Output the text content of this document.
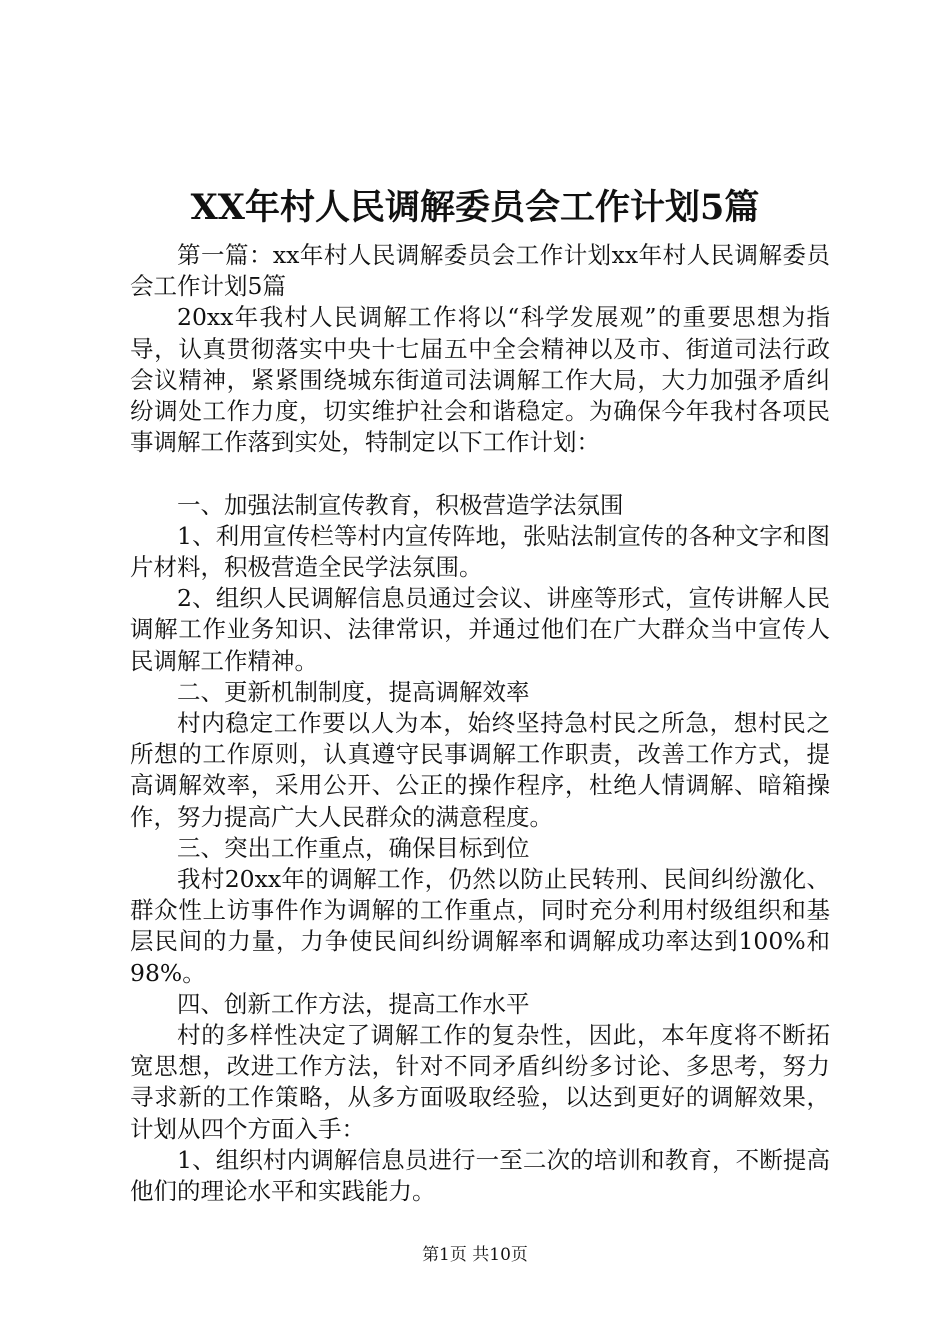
XX年村人民调解委员会工作计划5篇

第一篇：xx年村人民调解委员会工作计划xx年村人民调解委员会工作计划5篇

20xx年我村人民调解工作将以“科学发展观”的重要思想为指导，认真贯彻落实中央十七届五中全会精神以及市、街道司法行政会议精神，紧紧围绕城东街道司法调解工作大局，大力加强矛盾纠纷调处工作力度，切实维护社会和谐稳定。为确保今年我村各项民事调解工作落到实处，特制定以下工作计划：

一、加强法制宣传教育，积极营造学法氛围

1、利用宣传栏等村内宣传阵地，张贴法制宣传的各种文字和图片材料，积极营造全民学法氛围。

2、组织人民调解信息员通过会议、讲座等形式，宣传讲解人民调解工作业务知识、法律常识，并通过他们在广大群众当中宣传人民调解工作精神。

二、更新机制制度，提高调解效率

村内稳定工作要以人为本，始终坚持急村民之所急，想村民之所想的工作原则，认真遵守民事调解工作职责，改善工作方式，提高调解效率，采用公开、公正的操作程序，杜绝人情调解、暗箱操作，努力提高广大人民群众的满意程度。

三、突出工作重点，确保目标到位

我村20xx年的调解工作，仍然以防止民转刑、民间纠纷激化、群众性上访事件作为调解的工作重点，同时充分利用村级组织和基层民间的力量，力争使民间纠纷调解率和调解成功率达到100%和98%。

四、创新工作方法，提高工作水平

村的多样性决定了调解工作的复杂性，因此，本年度将不断拓宽思想，改进工作方法，针对不同矛盾纠纷多讨论、多思考，努力寻求新的工作策略，从多方面吸取经验，以达到更好的调解效果，计划从四个方面入手：

1、组织村内调解信息员进行一至二次的培训和教育，不断提高他们的理论水平和实践能力。

第1页 共10页
